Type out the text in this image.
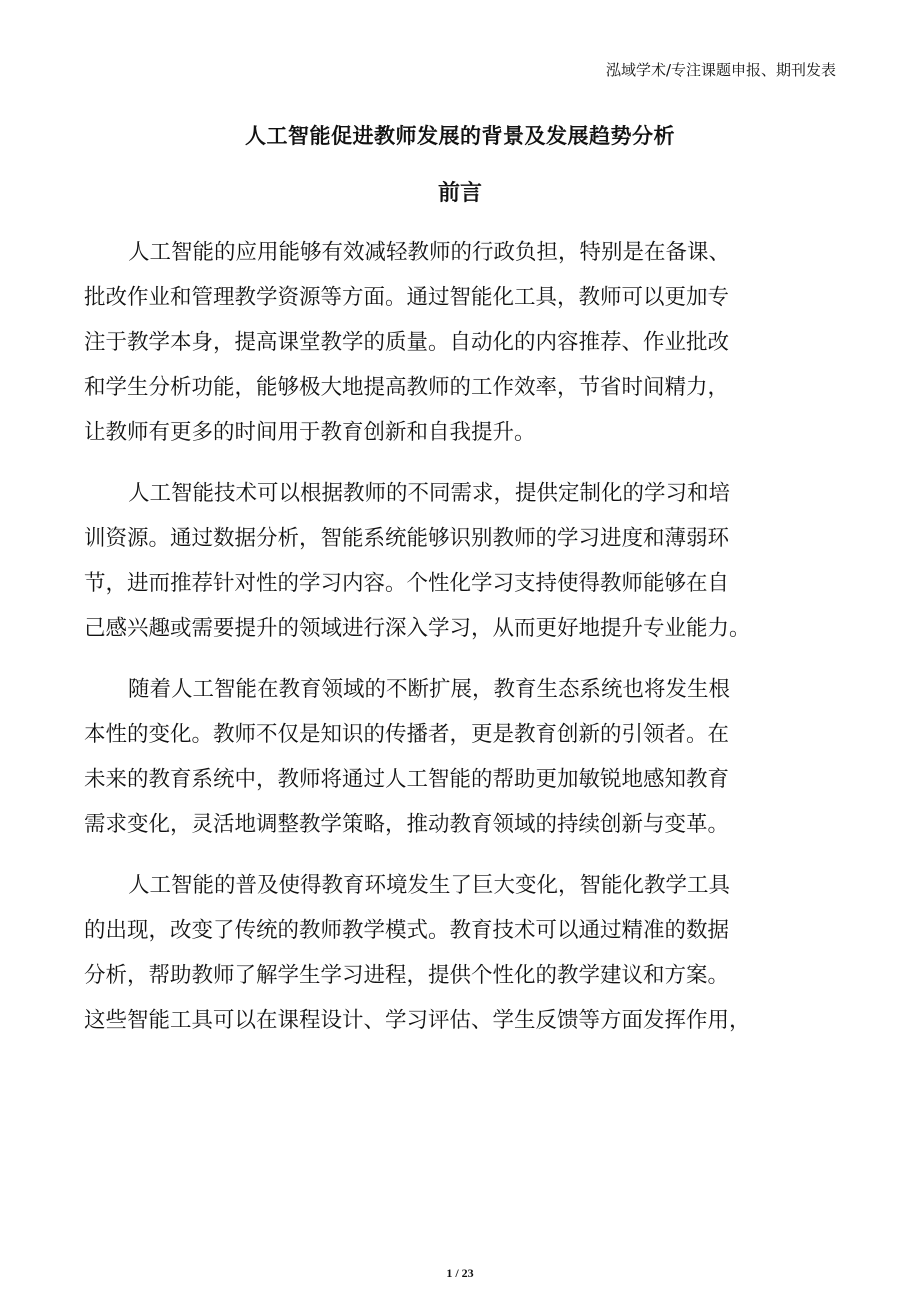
泓域学术/专注课题申报、期刊发表
人工智能促进教师发展的背景及发展趋势分析
前言
人工智能的应用能够有效减轻教师的行政负担，特别是在备课、
批改作业和管理教学资源等方面。通过智能化工具，教师可以更加专
注于教学本身，提高课堂教学的质量。自动化的内容推荐、作业批改
和学生分析功能，能够极大地提高教师的工作效率，节省时间精力，
让教师有更多的时间用于教育创新和自我提升。
人工智能技术可以根据教师的不同需求，提供定制化的学习和培
训资源。通过数据分析，智能系统能够识别教师的学习进度和薄弱环
节，进而推荐针对性的学习内容。个性化学习支持使得教师能够在自
己感兴趣或需要提升的领域进行深入学习，从而更好地提升专业能力。
随着人工智能在教育领域的不断扩展，教育生态系统也将发生根
本性的变化。教师不仅是知识的传播者，更是教育创新的引领者。在
未来的教育系统中，教师将通过人工智能的帮助更加敏锐地感知教育
需求变化，灵活地调整教学策略，推动教育领域的持续创新与变革。
人工智能的普及使得教育环境发生了巨大变化，智能化教学工具
的出现，改变了传统的教师教学模式。教育技术可以通过精准的数据
分析，帮助教师了解学生学习进程，提供个性化的教学建议和方案。
这些智能工具可以在课程设计、学习评估、学生反馈等方面发挥作用，
1 / 23
